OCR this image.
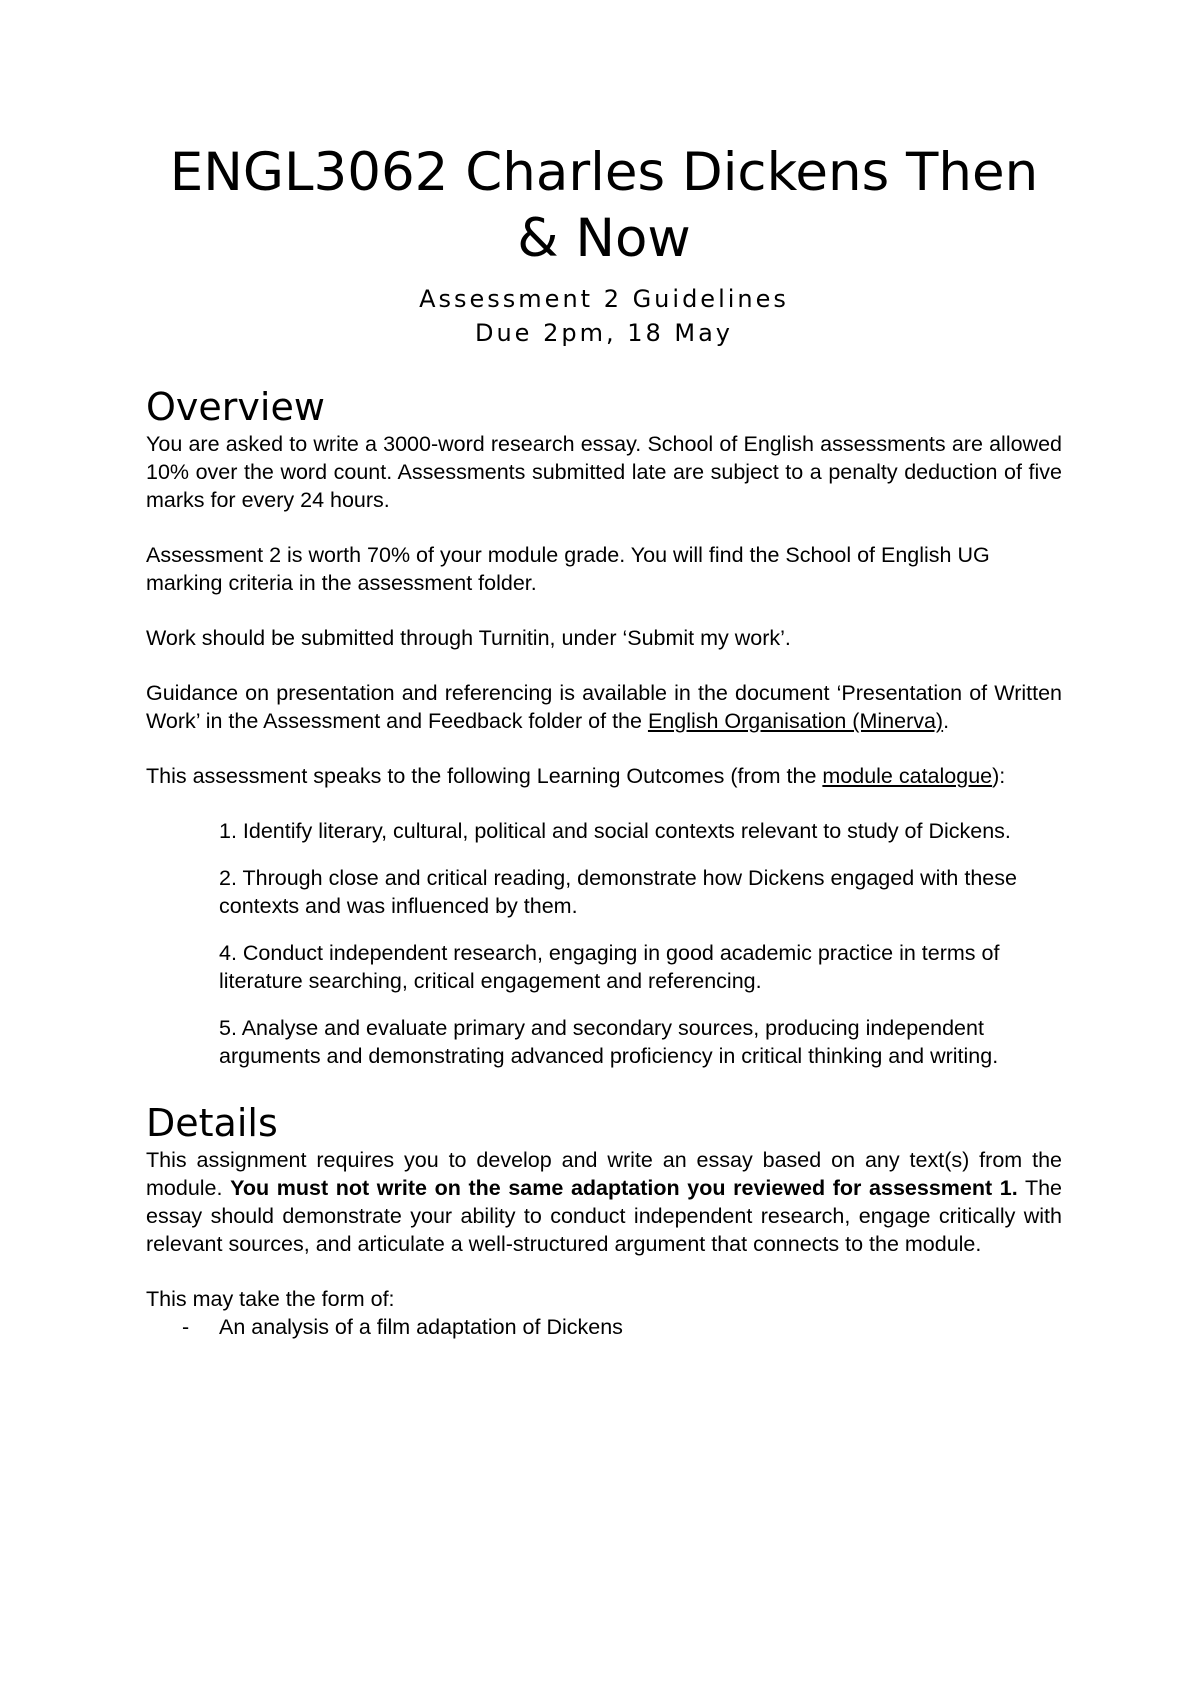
ENGL3062 Charles Dickens Then & Now
Assessment 2 Guidelines
Due 2pm, 18 May
Overview

You are asked to write a 3000-word research essay. School of English assessments are allowed 10% over the word count. Assessments submitted late are subject to a penalty deduction of five marks for every 24 hours.

Assessment 2 is worth 70% of your module grade. You will find the School of English UG marking criteria in the assessment folder.

Work should be submitted through Turnitin, under ‘Submit my work’.

Guidance on presentation and referencing is available in the document ‘Presentation of Written Work’ in the Assessment and Feedback folder of the English Organisation (Minerva).

This assessment speaks to the following Learning Outcomes (from the module catalogue):

1. Identify literary, cultural, political and social contexts relevant to study of Dickens.
2. Through close and critical reading, demonstrate how Dickens engaged with these contexts and was influenced by them.
4. Conduct independent research, engaging in good academic practice in terms of literature searching, critical engagement and referencing.
5. Analyse and evaluate primary and secondary sources, producing independent arguments and demonstrating advanced proficiency in critical thinking and writing.
Details

This assignment requires you to develop and write an essay based on any text(s) from the module. You must not write on the same adaptation you reviewed for assessment 1. The essay should demonstrate your ability to conduct independent research, engage critically with relevant sources, and articulate a well-structured argument that connects to the module.

This may take the form of:

- An analysis of a film adaptation of Dickens
